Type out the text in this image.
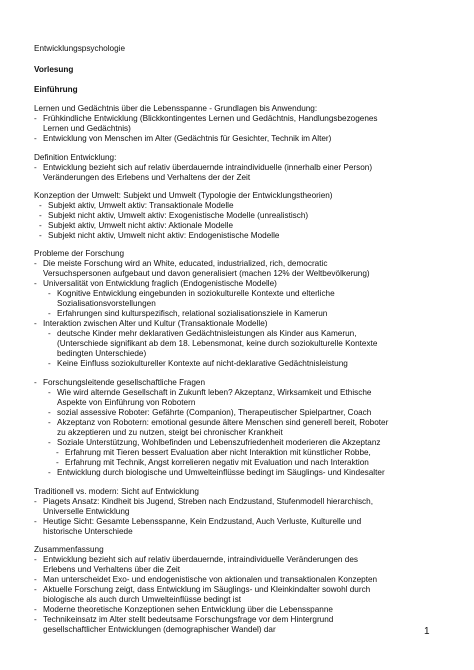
Entwicklungspsychologie
Vorlesung
Einführung
Lernen und Gedächtnis über die Lebensspanne - Grundlagen bis Anwendung:
- Frühkindliche Entwicklung (Blickkontingentes Lernen und Gedächtnis, Handlungsbezogenes
Lernen und Gedächtnis)
- Entwicklung von Menschen im Alter (Gedächtnis für Gesichter, Technik im Alter)
Definition Entwicklung:
- Entwicklung bezieht sich auf relativ überdauernde intraindividuelle (innerhalb einer Person)
Veränderungen des Erlebens und Verhaltens der der Zeit
Konzeption der Umwelt: Subjekt und Umwelt (Typologie der Entwicklungstheorien)
- Subjekt aktiv, Umwelt aktiv: Transaktionale Modelle
- Subjekt nicht aktiv, Umwelt aktiv: Exogenistische Modelle (unrealistisch)
- Subjekt aktiv, Umwelt nicht aktiv: Aktionale Modelle
- Subjekt nicht aktiv, Umwelt nicht aktiv: Endogenistische Modelle
Probleme der Forschung
- Die meiste Forschung wird an White, educated, industrialized, rich, democratic
Versuchspersonen aufgebaut und davon generalisiert (machen 12% der Weltbevölkerung)
- Universalität von Entwicklung fraglich (Endogenistische Modelle)
- Kognitive Entwicklung eingebunden in soziokulturelle Kontexte und elterliche
Sozialisationsvorstellungen
- Erfahrungen sind kulturspezifisch, relational sozialisationsziele in Kamerun
- Interaktion zwischen Alter und Kultur (Transaktionale Modelle)
- deutsche Kinder mehr deklarativen Gedächtnisleistungen als Kinder aus Kamerun,
(Unterschiede signifikant ab dem 18. Lebensmonat, keine durch soziokulturelle Kontexte
bedingten Unterschiede)
- Keine Einfluss soziokultureller Kontexte auf nicht-deklarative Gedächtnisleistung
- Forschungsleitende gesellschaftliche Fragen
- Wie wird alternde Gesellschaft in Zukunft leben? Akzeptanz, Wirksamkeit und Ethische
Aspekte von Einführung von Robotern
- sozial assessive Roboter: Gefährte (Companion), Therapeutischer Spielpartner, Coach
- Akzeptanz von Robotern: emotional gesunde ältere Menschen sind generell bereit, Roboter
zu akzeptieren und zu nutzen, steigt bei chronischer Krankheit
- Soziale Unterstützung, Wohlbefinden und Lebenszufriedenheit moderieren die Akzeptanz
- Erfahrung mit Tieren bessert Evaluation aber nicht Interaktion mit künstlicher Robbe,
- Erfahrung mit Technik, Angst korrelieren negativ mit Evaluation und nach Interaktion
- Entwicklung durch biologische und Umwelteinflüsse bedingt im Säuglings- und Kindesalter
Traditionell vs. modern: Sicht auf Entwicklung
- Piagets Ansatz: Kindheit bis Jugend, Streben nach Endzustand, Stufenmodell hierarchisch,
Universelle Entwicklung
- Heutige Sicht: Gesamte Lebensspanne, Kein Endzustand, Auch Verluste, Kulturelle und
historische Unterschiede
Zusammenfassung
- Entwicklung bezieht sich auf relativ überdauernde, intraindividuelle Veränderungen des
Erlebens und Verhaltens über die Zeit
- Man unterscheidet Exo- und endogenistische von aktionalen und transaktionalen Konzepten
- Aktuelle Forschung zeigt, dass Entwicklung im Säuglings- und Kleinkindalter sowohl durch
biologische als auch durch Umwelteinflüsse bedingt ist
- Moderne theoretische Konzeptionen sehen Entwicklung über die Lebensspanne
- Technikeinsatz im Alter stellt bedeutsame Forschungsfrage vor dem Hintergrund
gesellschaftlicher Entwicklungen (demographischer Wandel) dar	1
